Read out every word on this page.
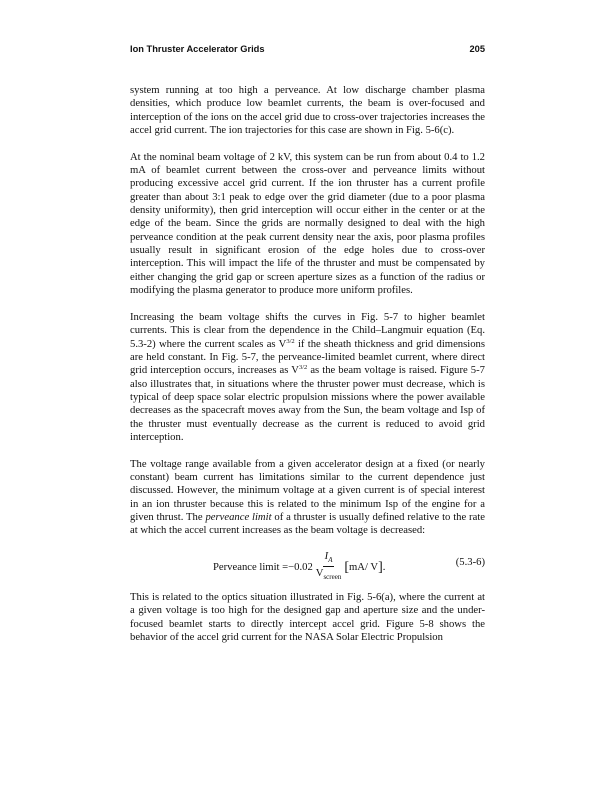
Ion Thruster Accelerator Grids	205

system running at too high a perveance. At low discharge chamber plasma densities, which produce low beamlet currents, the beam is over-focused and interception of the ions on the accel grid due to cross-over trajectories increases the accel grid current. The ion trajectories for this case are shown in Fig. 5-6(c).

At the nominal beam voltage of 2 kV, this system can be run from about 0.4 to 1.2 mA of beamlet current between the cross-over and perveance limits without producing excessive accel grid current. If the ion thruster has a current profile greater than about 3:1 peak to edge over the grid diameter (due to a poor plasma density uniformity), then grid interception will occur either in the center or at the edge of the beam. Since the grids are normally designed to deal with the high perveance condition at the peak current density near the axis, poor plasma profiles usually result in significant erosion of the edge holes due to cross-over interception. This will impact the life of the thruster and must be compensated by either changing the grid gap or screen aperture sizes as a function of the radius or modifying the plasma generator to produce more uniform profiles.

Increasing the beam voltage shifts the curves in Fig. 5-7 to higher beamlet currents. This is clear from the dependence in the Child–Langmuir equation (Eq. 5.3-2) where the current scales as $V^{3/2}$ if the sheath thickness and grid dimensions are held constant. In Fig. 5-7, the perveance-limited beamlet current, where direct grid interception occurs, increases as $V^{3/2}$ as the beam voltage is raised. Figure 5-7 also illustrates that, in situations where the thruster power must decrease, which is typical of deep space solar electric propulsion missions where the power available decreases as the spacecraft moves away from the Sun, the beam voltage and Isp of the thruster must eventually decrease as the current is reduced to avoid grid interception.

The voltage range available from a given accelerator design at a fixed (or nearly constant) beam current has limitations similar to the current dependence just discussed. However, the minimum voltage at a given current is of special interest in an ion thruster because this is related to the minimum Isp of the engine for a given thrust. The perveance limit of a thruster is usually defined relative to the rate at which the accel current increases as the beam voltage is decreased:

Perveance limit = $-0.02 \frac{I_A}{V_{screen}}$ [ mA/ V ] .	(5.3-6)

This is related to the optics situation illustrated in Fig. 5-6(a), where the current at a given voltage is too high for the designed gap and aperture size and the under-focused beamlet starts to directly intercept accel grid. Figure 5-8 shows the behavior of the accel grid current for the NASA Solar Electric Propulsion
